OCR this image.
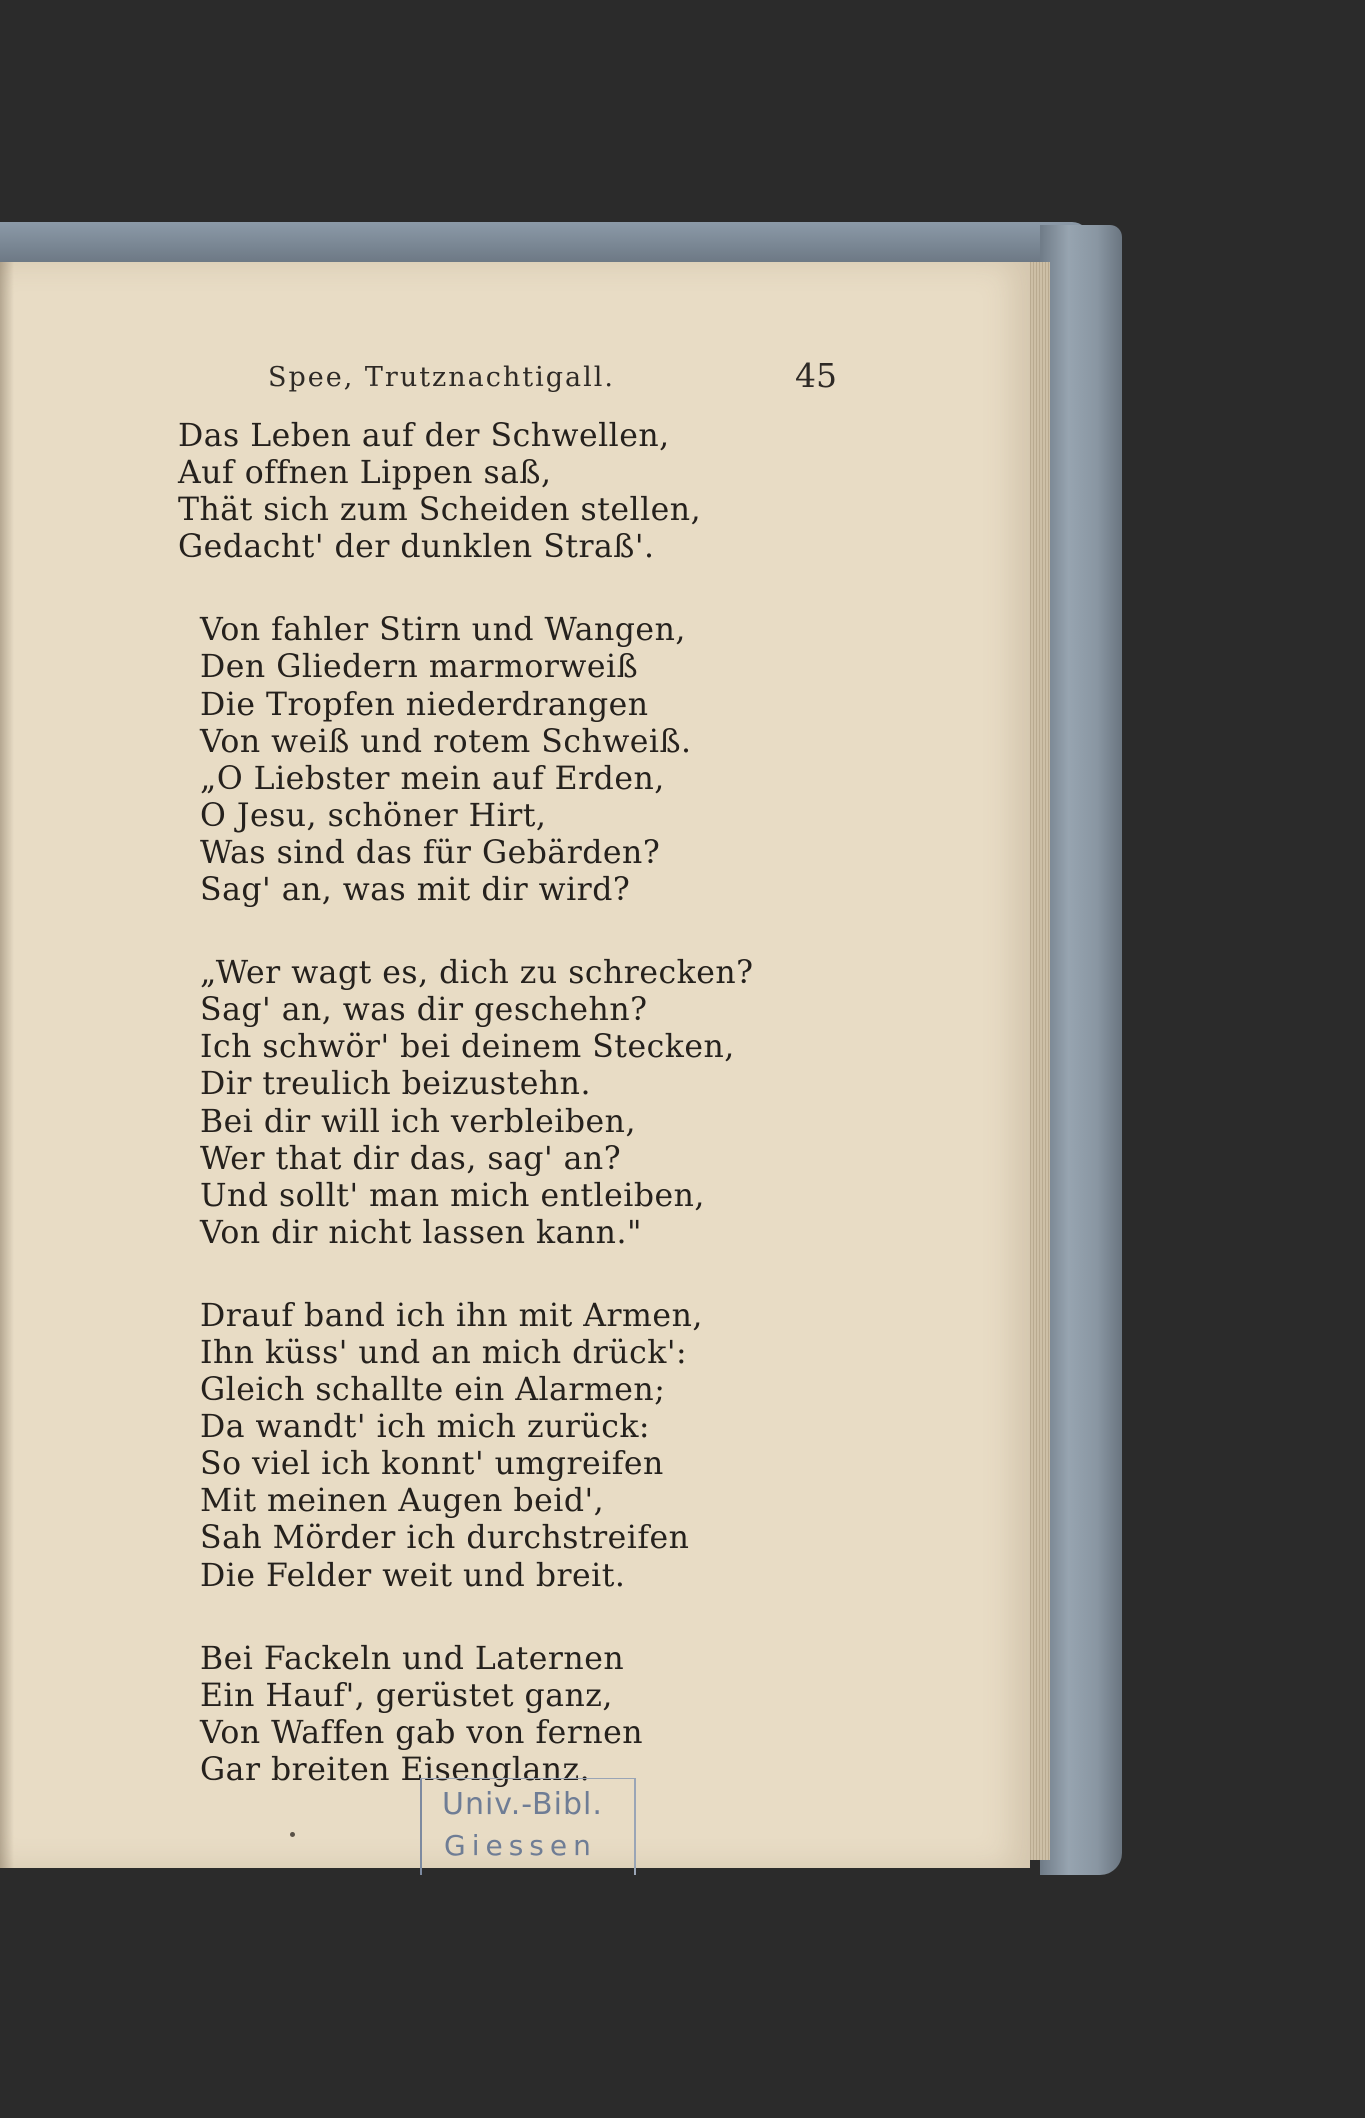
Spee, Trutznachtigall.	45
Das Leben auf der Schwellen,
Auf offnen Lippen saß,
Thät sich zum Scheiden stellen,
Gedacht' der dunklen Straß'.
Von fahler Stirn und Wangen,
Den Gliedern marmorweiß
Die Tropfen niederdrangen
Von weiß und rotem Schweiß.
„O Liebster mein auf Erden,
O Jesu, schöner Hirt,
Was sind das für Gebärden?
Sag' an, was mit dir wird?
„Wer wagt es, dich zu schrecken?
Sag' an, was dir geschehn?
Ich schwör' bei deinem Stecken,
Dir treulich beizustehn.
Bei dir will ich verbleiben,
Wer that dir das, sag' an?
Und sollt' man mich entleiben,
Von dir nicht lassen kann."
Drauf band ich ihn mit Armen,
Ihn küss' und an mich drück':
Gleich schallte ein Alarmen;
Da wandt' ich mich zurück:
So viel ich konnt' umgreifen
Mit meinen Augen beid',
Sah Mörder ich durchstreifen
Die Felder weit und breit.
Bei Fackeln und Laternen
Ein Hauf', gerüstet ganz,
Von Waffen gab von fernen
Gar breiten Eisenglanz.
Univ.-Bibl.
Giessen
